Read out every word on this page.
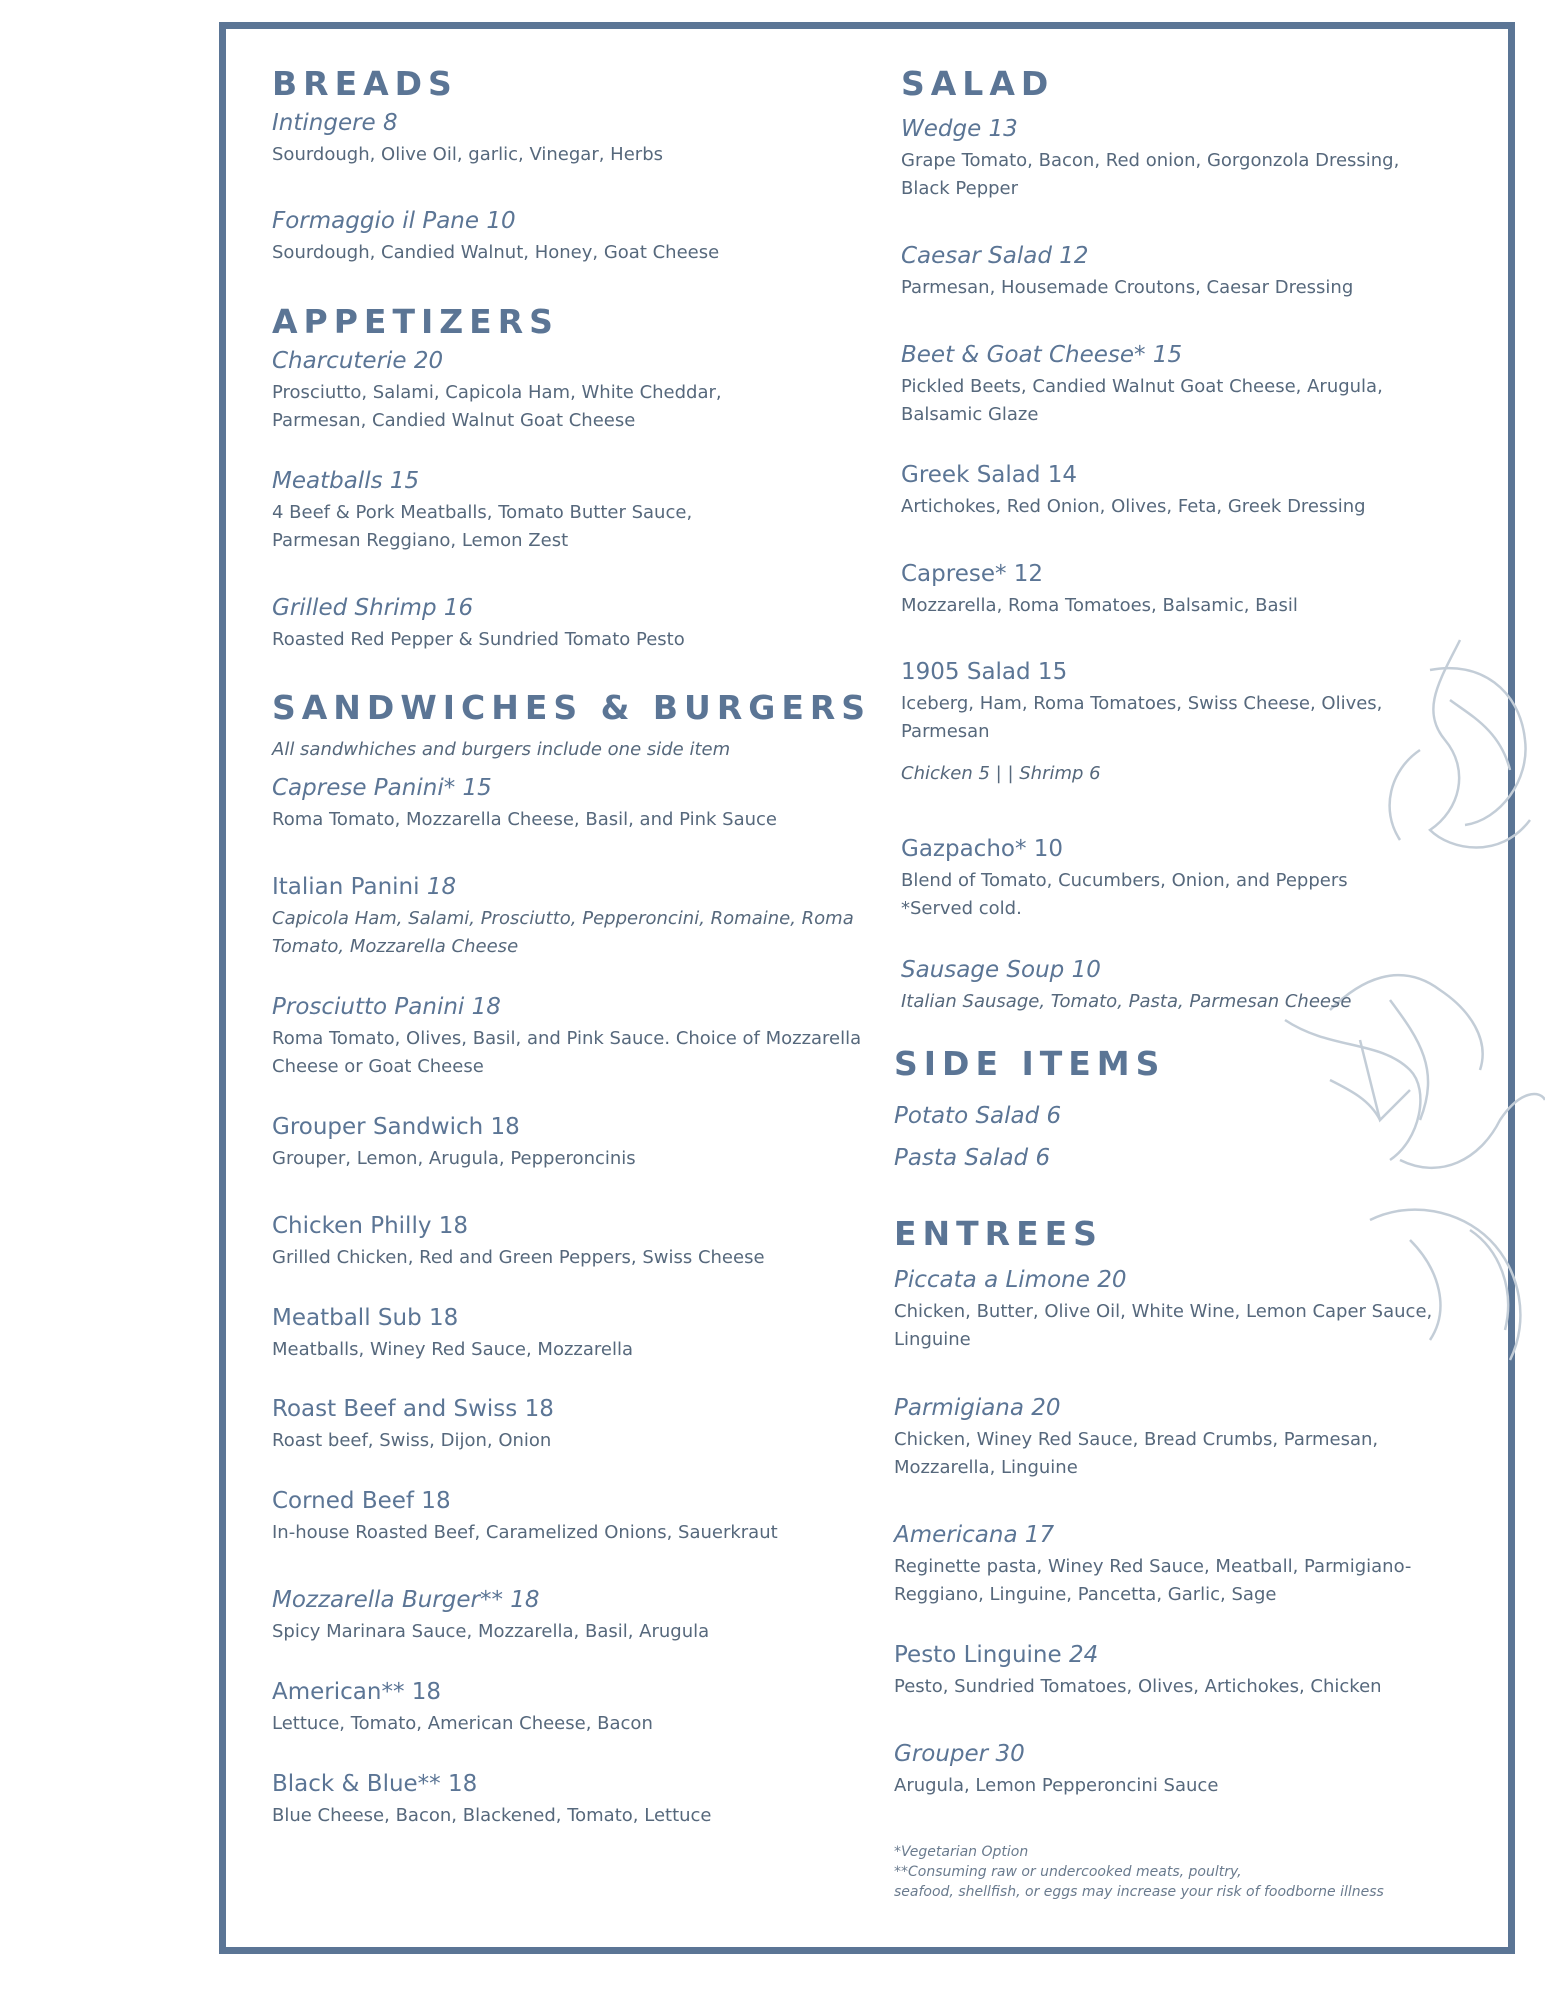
BREADS
Intingere 8
Sourdough, Olive Oil, garlic, Vinegar, Herbs
Formaggio il Pane 10
Sourdough, Candied Walnut, Honey, Goat Cheese
APPETIZERS
Charcuterie 20
Prosciutto, Salami, Capicola Ham, White Cheddar, Parmesan, Candied Walnut Goat Cheese
Meatballs 15
4 Beef & Pork Meatballs, Tomato Butter Sauce, Parmesan Reggiano, Lemon Zest
Grilled Shrimp 16
Roasted Red Pepper & Sundried Tomato Pesto
SANDWICHES & BURGERS
All sandwhiches and burgers include one side item
Caprese Panini* 15
Roma Tomato, Mozzarella Cheese, Basil, and Pink Sauce
Italian Panini 18
Capicola Ham, Salami, Prosciutto, Pepperoncini, Romaine, Roma Tomato, Mozzarella Cheese
Prosciutto Panini 18
Roma Tomato, Olives, Basil, and Pink Sauce. Choice of Mozzarella Cheese or Goat Cheese
Grouper Sandwich 18
Grouper, Lemon, Arugula, Pepperoncinis
Chicken Philly 18
Grilled Chicken, Red and Green Peppers, Swiss Cheese
Meatball Sub 18
Meatballs, Winey Red Sauce, Mozzarella
Roast Beef and Swiss 18
Roast beef, Swiss, Dijon, Onion
Corned Beef 18
In-house Roasted Beef, Caramelized Onions, Sauerkraut
Mozzarella Burger** 18
Spicy Marinara Sauce, Mozzarella, Basil, Arugula
American** 18
Lettuce, Tomato, American Cheese, Bacon
Black & Blue** 18
Blue Cheese, Bacon, Blackened, Tomato, Lettuce
SALAD
Wedge 13
Grape Tomato, Bacon, Red onion, Gorgonzola Dressing, Black Pepper
Caesar Salad 12
Parmesan, Housemade Croutons, Caesar Dressing
Beet & Goat Cheese* 15
Pickled Beets, Candied Walnut Goat Cheese, Arugula, Balsamic Glaze
Greek Salad 14
Artichokes, Red Onion, Olives, Feta, Greek Dressing
Caprese* 12
Mozzarella, Roma Tomatoes, Balsamic, Basil
1905 Salad 15
Iceberg, Ham, Roma Tomatoes, Swiss Cheese, Olives, Parmesan
Chicken 5 | | Shrimp 6
Gazpacho* 10
Blend of Tomato, Cucumbers, Onion, and Peppers
*Served cold.
Sausage Soup 10
Italian Sausage, Tomato, Pasta, Parmesan Cheese
SIDE ITEMS
Potato Salad 6
Pasta Salad 6
ENTREES
Piccata a Limone 20
Chicken, Butter, Olive Oil, White Wine, Lemon Caper Sauce, Linguine
Parmigiana 20
Chicken, Winey Red Sauce, Bread Crumbs, Parmesan, Mozzarella, Linguine
Americana 17
Reginette pasta, Winey Red Sauce, Meatball, Parmigiano-Reggiano, Linguine, Pancetta, Garlic, Sage
Pesto Linguine 24
Pesto, Sundried Tomatoes, Olives, Artichokes, Chicken
Grouper 30
Arugula, Lemon Pepperoncini Sauce
*Vegetarian Option
**Consuming raw or undercooked meats, poultry,
seafood, shellfish, or eggs may increase your risk of foodborne illness
